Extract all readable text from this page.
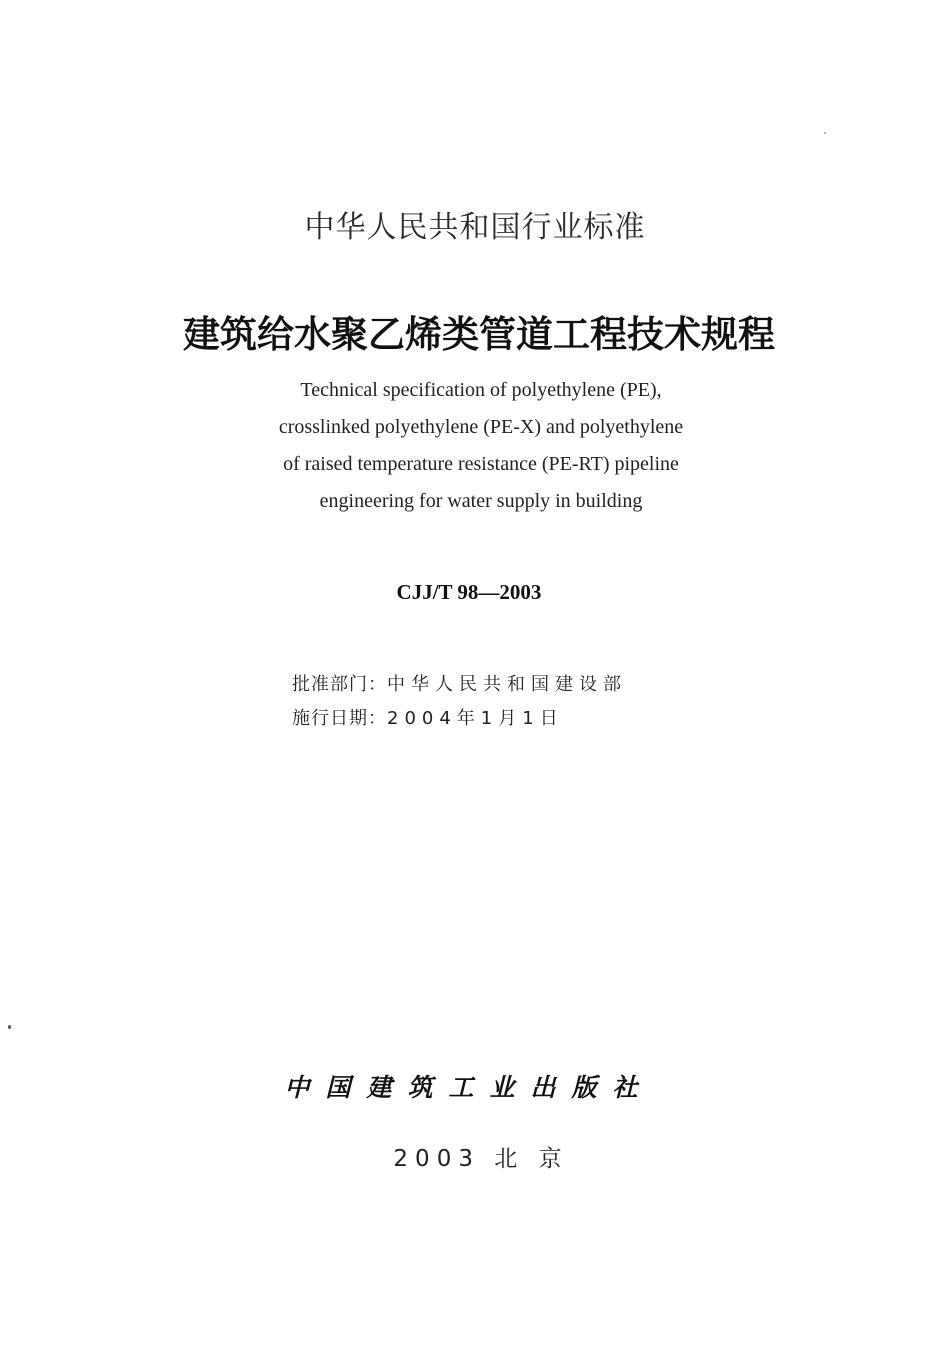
中华人民共和国行业标准
建筑给水聚乙烯类管道工程技术规程
Technical specification of polyethylene (PE),
crosslinked polyethylene (PE-X) and polyethylene
of raised temperature resistance (PE-RT) pipeline
engineering for water supply in building
CJJ/T 98—2003
批准部门：中华人民共和国建设部
施行日期：2004年1月1日
中国建筑工业出版社
2003 北 京
